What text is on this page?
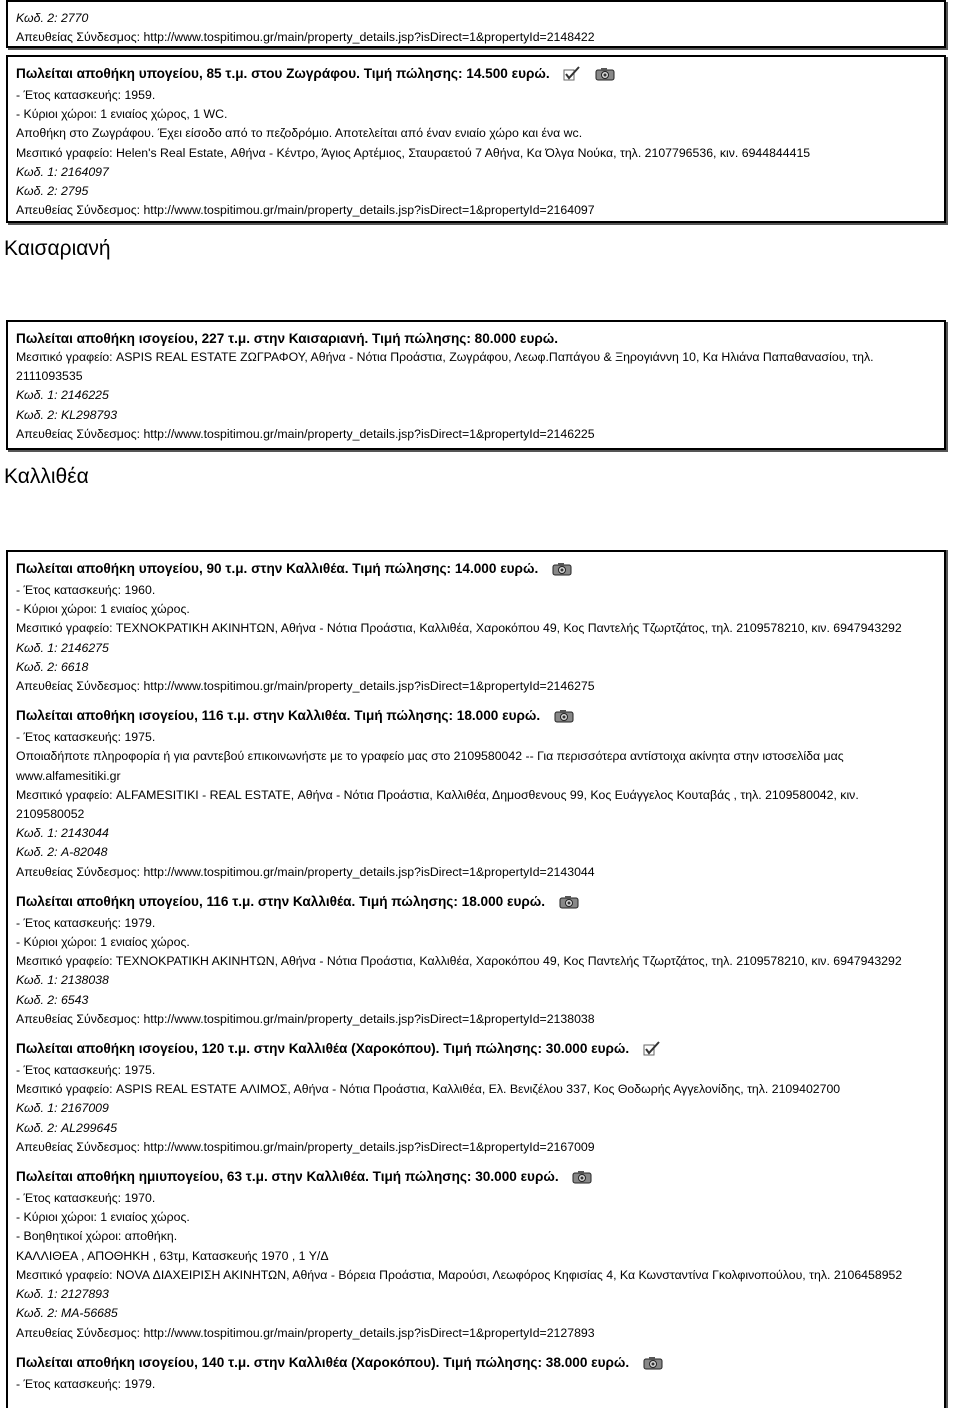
Κωδ. 2: 2770
Απευθείας Σύνδεσμος: http://www.tospitimou.gr/main/property_details.jsp?isDirect=1&propertyId=2148422
Πωλείται αποθήκη υπογείου, 85 τ.μ. στου Ζωγράφου. Τιμή πώλησης: 14.500 ευρώ.
- Έτος κατασκευής: 1959.
- Κύριοι χώροι: 1 ενιαίος χώρος, 1 WC.
Αποθήκη στο Ζωγράφου. Έχει είσοδο από το πεζοδρόμιο. Αποτελείται από έναν ενιαίο χώρο και ένα wc.
Μεσιτικό γραφείο: Helen's Real Estate, Αθήνα - Κέντρο, Άγιος Αρτέμιος, Σταυραετού 7 Αθήνα, Κα Όλγα Νούκα, τηλ. 2107796536, κιν. 6944844415
Κωδ. 1: 2164097
Κωδ. 2: 2795
Απευθείας Σύνδεσμος: http://www.tospitimou.gr/main/property_details.jsp?isDirect=1&propertyId=2164097
Καισαριανή
Πωλείται αποθήκη ισογείου, 227 τ.μ. στην Καισαριανή. Τιμή πώλησης: 80.000 ευρώ.
Μεσιτικό γραφείο: ASPIS REAL ESTATE ΖΩΓΡΑΦΟΥ, Αθήνα - Νότια Προάστια, Ζωγράφου, Λεωφ.Παπάγου & Ξηρογιάννη 10, Κα Ηλιάνα Παπαθανασίου, τηλ.
2111093535
Κωδ. 1: 2146225
Κωδ. 2: KL298793
Απευθείας Σύνδεσμος: http://www.tospitimou.gr/main/property_details.jsp?isDirect=1&propertyId=2146225
Καλλιθέα
Πωλείται αποθήκη υπογείου, 90 τ.μ. στην Καλλιθέα. Τιμή πώλησης: 14.000 ευρώ.
- Έτος κατασκευής: 1960.
- Κύριοι χώροι: 1 ενιαίος χώρος.
Μεσιτικό γραφείο: ΤΕΧΝΟΚΡΑΤΙΚΗ ΑΚΙΝΗΤΩΝ, Αθήνα - Νότια Προάστια, Καλλιθέα, Χαροκόπου 49, Κος Παντελής Τζωρτζάτος, τηλ. 2109578210, κιν. 6947943292
Κωδ. 1: 2146275
Κωδ. 2: 6618
Απευθείας Σύνδεσμος: http://www.tospitimou.gr/main/property_details.jsp?isDirect=1&propertyId=2146275
Πωλείται αποθήκη ισογείου, 116 τ.μ. στην Καλλιθέα. Τιμή πώλησης: 18.000 ευρώ.
- Έτος κατασκευής: 1975.
Οποιαδήποτε πληροφορία ή για ραντεβού επικοινωνήστε με το γραφείο μας στο 2109580042 -- Για περισσότερα αντίστοιχα ακίνητα στην ιστοσελίδα μας
www.alfamesitiki.gr
Μεσιτικό γραφείο: ALFAMESITIKI - REAL ESTATE, Αθήνα - Νότια Προάστια, Καλλιθέα, Δημοσθενους 99, Κος Ευάγγελος Κουταβάς , τηλ. 2109580042, κιν.
2109580052
Κωδ. 1: 2143044
Κωδ. 2: A-82048
Απευθείας Σύνδεσμος: http://www.tospitimou.gr/main/property_details.jsp?isDirect=1&propertyId=2143044
Πωλείται αποθήκη υπογείου, 116 τ.μ. στην Καλλιθέα. Τιμή πώλησης: 18.000 ευρώ.
- Έτος κατασκευής: 1979.
- Κύριοι χώροι: 1 ενιαίος χώρος.
Μεσιτικό γραφείο: ΤΕΧΝΟΚΡΑΤΙΚΗ ΑΚΙΝΗΤΩΝ, Αθήνα - Νότια Προάστια, Καλλιθέα, Χαροκόπου 49, Κος Παντελής Τζωρτζάτος, τηλ. 2109578210, κιν. 6947943292
Κωδ. 1: 2138038
Κωδ. 2: 6543
Απευθείας Σύνδεσμος: http://www.tospitimou.gr/main/property_details.jsp?isDirect=1&propertyId=2138038
Πωλείται αποθήκη ισογείου, 120 τ.μ. στην Καλλιθέα (Χαροκόπου). Τιμή πώλησης: 30.000 ευρώ.
- Έτος κατασκευής: 1975.
Μεσιτικό γραφείο: ASPIS REAL ESTATE ΑΛΙΜΟΣ, Αθήνα - Νότια Προάστια, Καλλιθέα, Ελ. Βενιζέλου 337, Κος Θοδωρής Αγγελονίδης, τηλ. 2109402700
Κωδ. 1: 2167009
Κωδ. 2: AL299645
Απευθείας Σύνδεσμος: http://www.tospitimou.gr/main/property_details.jsp?isDirect=1&propertyId=2167009
Πωλείται αποθήκη ημιυπογείου, 63 τ.μ. στην Καλλιθέα. Τιμή πώλησης: 30.000 ευρώ.
- Έτος κατασκευής: 1970.
- Κύριοι χώροι: 1 ενιαίος χώρος.
- Βοηθητικοί χώροι: αποθήκη.
ΚΑΛΛΙΘΕΑ , ΑΠΟΘΗΚΗ , 63τμ, Κατασκευής 1970 , 1 Υ/Δ
Μεσιτικό γραφείο: NOVA ΔΙΑΧΕΙΡΙΣΗ ΑΚΙΝΗΤΩΝ, Αθήνα - Βόρεια Προάστια, Μαρούσι, Λεωφόρος Κηφισίας 4, Κα Κωνσταντίνα Γκολφινοπούλου, τηλ. 2106458952
Κωδ. 1: 2127893
Κωδ. 2: MA-56685
Απευθείας Σύνδεσμος: http://www.tospitimou.gr/main/property_details.jsp?isDirect=1&propertyId=2127893
Πωλείται αποθήκη ισογείου, 140 τ.μ. στην Καλλιθέα (Χαροκόπου). Τιμή πώλησης: 38.000 ευρώ.
- Έτος κατασκευής: 1979.
